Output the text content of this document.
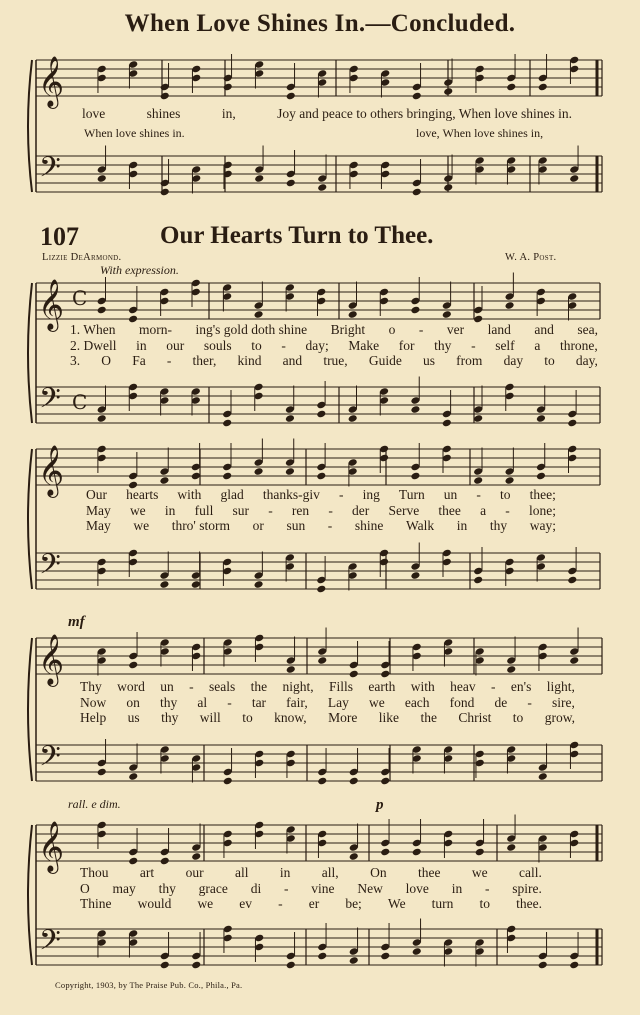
When Love Shines In.—Concluded.
107	Our Hearts Turn to Thee.
Lizzie DeArmond.	W. A. Post.
With expression.
𝄞
𝄢
𝄞
𝄢
𝄞
𝄢
𝄞
𝄢
𝄞
𝄢
C
C
love	shines	in,	Joy and peace to others bringing, When love shines in.
When love shines in.	love, When love shines in,
mf
rall. e dim.	p
1. When morn- ing's gold doth shine Bright o - ver land and sea,
2. Dwell in our souls to - day; Make for thy - self a throne,
3. O Fa - ther, kind and true, Guide us from day to day,
Our hearts with glad thanks-giv - ing Turn un - to thee;
May we in full sur - ren - der Serve thee a - lone;
May we thro' storm or sun - shine Walk in thy way;
Thy word un - seals the night, Fills earth with heav - en's light,
Now on thy al - tar fair, Lay we each fond de - sire,
Help us thy will to know, More like the Christ to grow,
Thou art our all in all, On thee we call.
O may thy grace di - vine New love in - spire.
Thine would we ev - er be; We turn to thee.
Copyright, 1903, by The Praise Pub. Co., Phila., Pa.
